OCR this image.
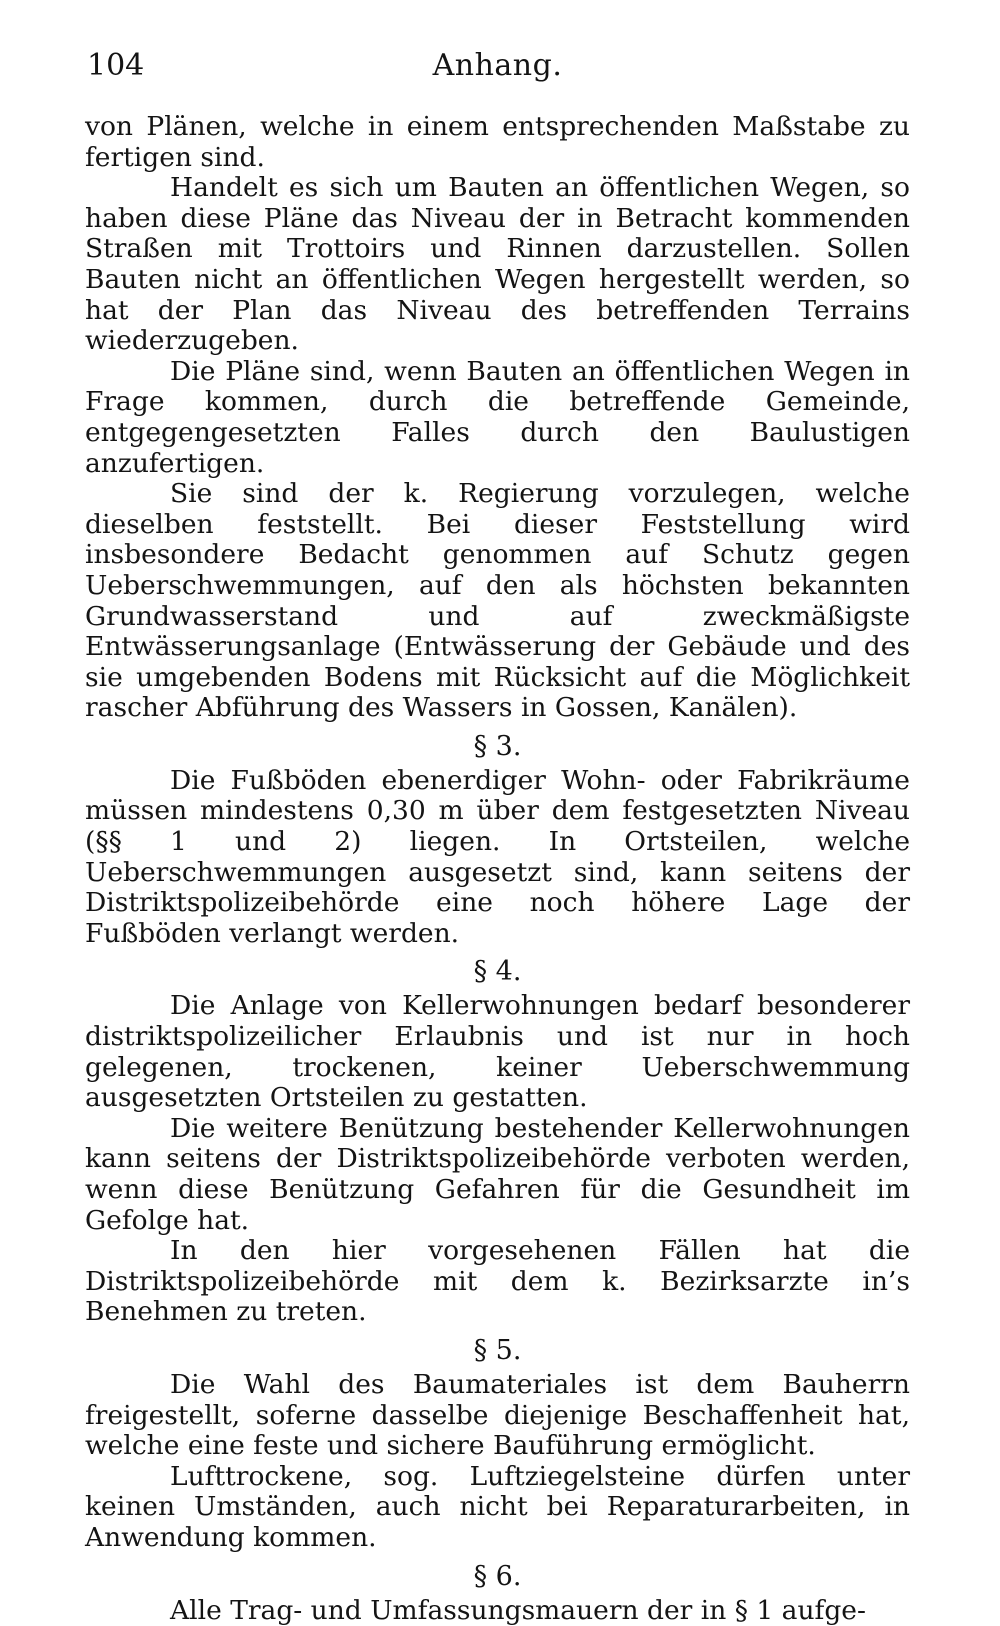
104	Anhang.

von Plänen, welche in einem entsprechenden Maßstabe zu fertigen sind.

Handelt es sich um Bauten an öffentlichen Wegen, so haben diese Pläne das Niveau der in Betracht kommenden Straßen mit Trottoirs und Rinnen darzustellen. Sollen Bauten nicht an öffentlichen Wegen hergestellt werden, so hat der Plan das Niveau des betreffenden Terrains wiederzugeben.

Die Pläne sind, wenn Bauten an öffentlichen Wegen in Frage kommen, durch die betreffende Gemeinde, entgegengesetzten Falles durch den Baulustigen anzufertigen.

Sie sind der k. Regierung vorzulegen, welche dieselben feststellt. Bei dieser Feststellung wird insbesondere Bedacht genommen auf Schutz gegen Ueberschwemmungen, auf den als höchsten bekannten Grundwasserstand und auf zweckmäßigste Entwässerungsanlage (Entwässerung der Gebäude und des sie umgebenden Bodens mit Rücksicht auf die Möglichkeit rascher Abführung des Wassers in Gossen, Kanälen).

§ 3.

Die Fußböden ebenerdiger Wohn- oder Fabrikräume müssen mindestens 0,30 m über dem festgesetzten Niveau (§§ 1 und 2) liegen. In Ortsteilen, welche Ueberschwemmungen ausgesetzt sind, kann seitens der Distriktspolizeibehörde eine noch höhere Lage der Fußböden verlangt werden.

§ 4.

Die Anlage von Kellerwohnungen bedarf besonderer distriktspolizeilicher Erlaubnis und ist nur in hoch gelegenen, trockenen, keiner Ueberschwemmung ausgesetzten Ortsteilen zu gestatten.

Die weitere Benützung bestehender Kellerwohnungen kann seitens der Distriktspolizeibehörde verboten werden, wenn diese Benützung Gefahren für die Gesundheit im Gefolge hat.

In den hier vorgesehenen Fällen hat die Distriktspolizeibehörde mit dem k. Bezirksarzte in’s Benehmen zu treten.

§ 5.

Die Wahl des Baumateriales ist dem Bauherrn freigestellt, soferne dasselbe diejenige Beschaffenheit hat, welche eine feste und sichere Bauführung ermöglicht.

Lufttrockene, sog. Luftziegelsteine dürfen unter keinen Umständen, auch nicht bei Reparaturarbeiten, in Anwendung kommen.

§ 6.

Alle Trag- und Umfassungsmauern der in § 1 aufge-
